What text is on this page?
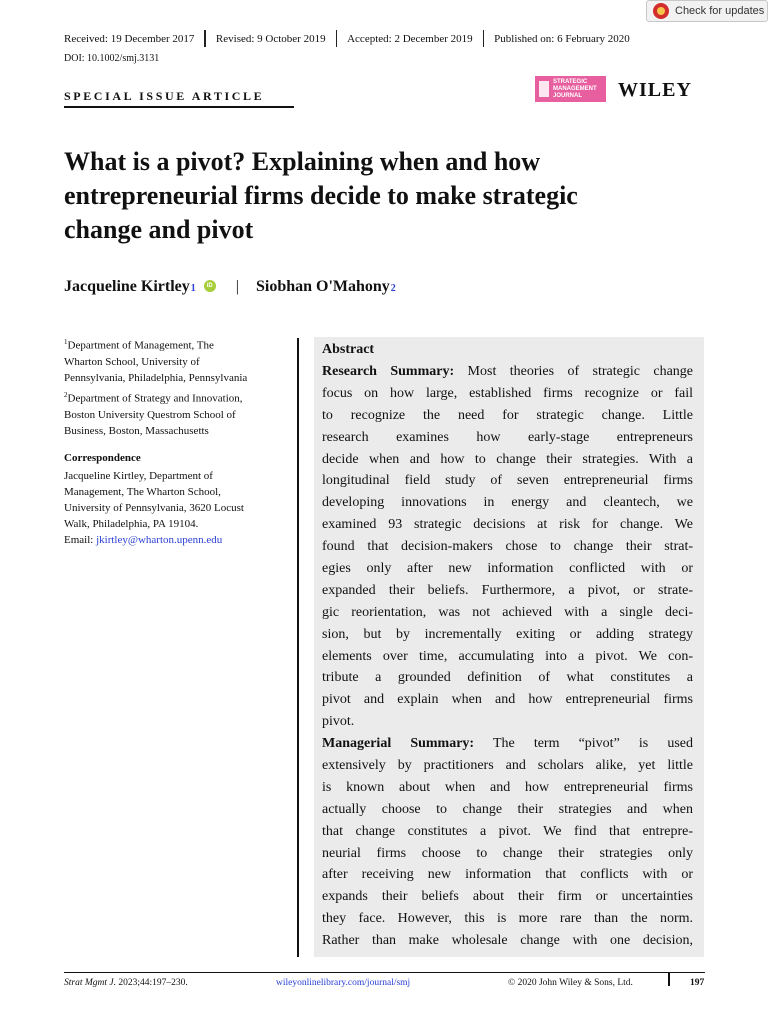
Check for updates
Received: 19 December 2017 Revised: 9 October 2019 Accepted: 2 December 2019 Published on: 6 February 2020
DOI: 10.1002/smj.3131
SPECIAL ISSUE ARTICLE
STRATEGIC
MANAGEMENT
JOURNAL	WILEY
What is a pivot? Explaining when and how
entrepreneurial firms decide to make strategic
change and pivot
Jacqueline Kirtley 1
iD	| Siobhan O'Mahony 2
$^1$Department of Management, The
Wharton School, University of
Pennsylvania, Philadelphia, Pennsylvania
$^2$Department of Strategy and Innovation,
Boston University Questrom School of
Business, Boston, Massachusetts
Correspondence
Jacqueline Kirtley, Department of
Management, The Wharton School,
University of Pennsylvania, 3620 Locust
Walk, Philadelphia, PA 19104.
Email: jkirtley@wharton.upenn.edu
Abstract
Research Summary: Most theories of strategic change
focus on how large, established firms recognize or fail
to recognize the need for strategic change. Little
research examines how early-stage entrepreneurs
decide when and how to change their strategies. With a
longitudinal field study of seven entrepreneurial firms
developing innovations in energy and cleantech, we
examined 93 strategic decisions at risk for change. We
found that decision-makers chose to change their strat-
egies only after new information conflicted with or
expanded their beliefs. Furthermore, a pivot, or strate-
gic reorientation, was not achieved with a single deci-
sion, but by incrementally exiting or adding strategy
elements over time, accumulating into a pivot. We con-
tribute a grounded definition of what constitutes a
pivot and explain when and how entrepreneurial firms
pivot.
Managerial Summary: The term “pivot” is used
extensively by practitioners and scholars alike, yet little
is known about when and how entrepreneurial firms
actually choose to change their strategies and when
that change constitutes a pivot. We find that entrepre-
neurial firms choose to change their strategies only
after receiving new information that conflicts with or
expands their beliefs about their firm or uncertainties
they face. However, this is more rare than the norm.
Rather than make wholesale change with one decision,
Strat Mgmt J. 2023;44:197–230.	wileyonlinelibrary.com/journal/smj	© 2020 John Wiley & Sons, Ltd.	197
